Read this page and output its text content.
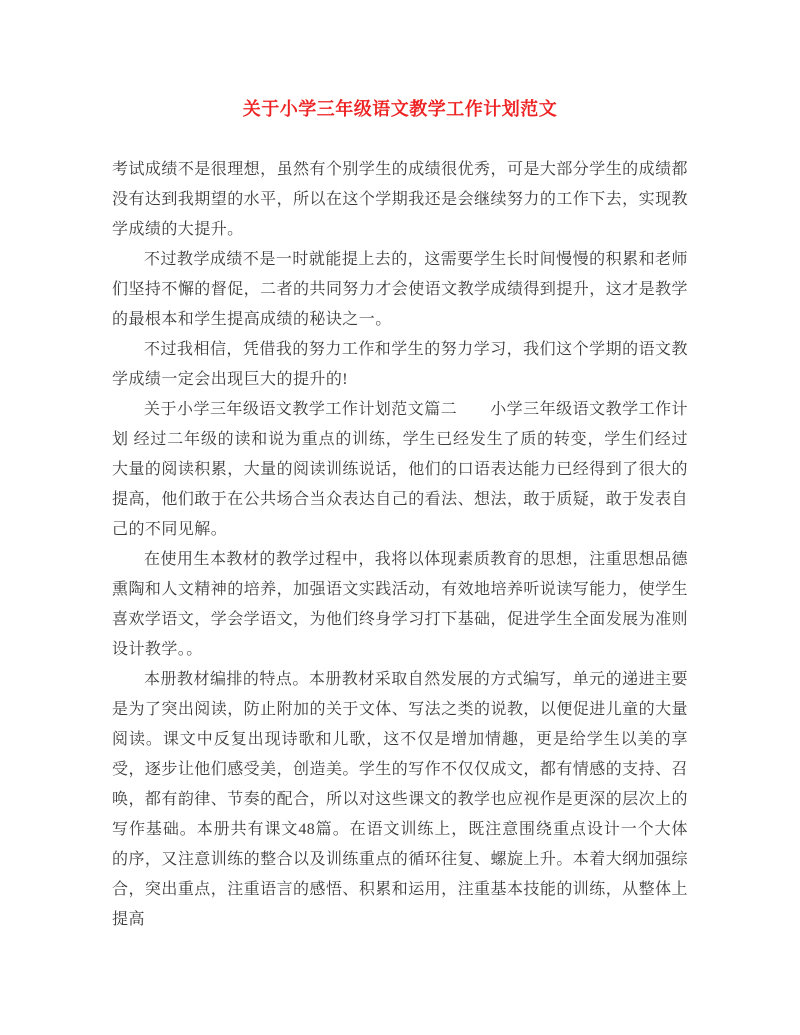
关于小学三年级语文教学工作计划范文

考试成绩不是很理想，虽然有个别学生的成绩很优秀，可是大部分学生的成绩都没有达到我期望的水平，所以在这个学期我还是会继续努力的工作下去，实现教学成绩的大提升。

不过教学成绩不是一时就能提上去的，这需要学生长时间慢慢的积累和老师们坚持不懈的督促，二者的共同努力才会使语文教学成绩得到提升，这才是教学的最根本和学生提高成绩的秘诀之一。

不过我相信，凭借我的努力工作和学生的努力学习，我们这个学期的语文教学成绩一定会出现巨大的提升的!

关于小学三年级语文教学工作计划范文篇二　　小学三年级语文教学工作计划 经过二年级的读和说为重点的训练，学生已经发生了质的转变，学生们经过大量的阅读积累，大量的阅读训练说话，他们的口语表达能力已经得到了很大的提高，他们敢于在公共场合当众表达自己的看法、想法，敢于质疑，敢于发表自己的不同见解。

在使用生本教材的教学过程中，我将以体现素质教育的思想，注重思想品德熏陶和人文精神的培养，加强语文实践活动，有效地培养听说读写能力，使学生喜欢学语文，学会学语文，为他们终身学习打下基础，促进学生全面发展为准则设计教学。。

本册教材编排的特点。本册教材采取自然发展的方式编写，单元的递进主要是为了突出阅读，防止附加的关于文体、写法之类的说教，以便促进儿童的大量阅读。课文中反复出现诗歌和儿歌，这不仅是增加情趣，更是给学生以美的享受，逐步让他们感受美，创造美。学生的写作不仅仅成文，都有情感的支持、召唤，都有韵律、节奏的配合，所以对这些课文的教学也应视作是更深的层次上的写作基础。本册共有课文48篇。在语文训练上，既注意围绕重点设计一个大体的序，又注意训练的整合以及训练重点的循环往复、螺旋上升。本着大纲加强综合，突出重点，注重语言的感悟、积累和运用，注重基本技能的训练，从整体上提高
